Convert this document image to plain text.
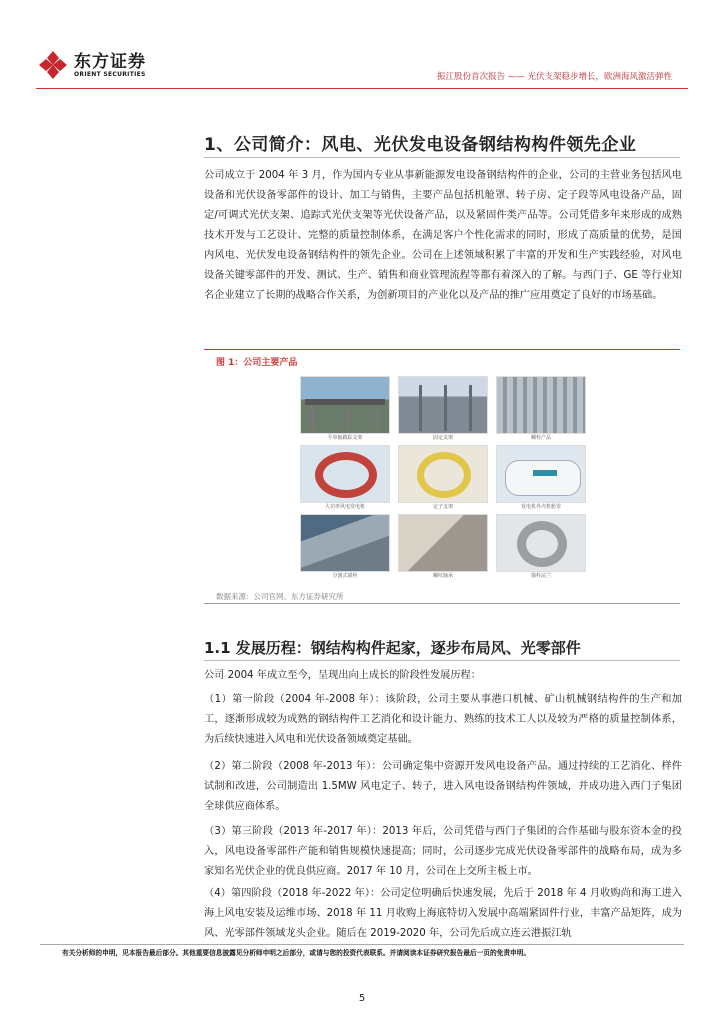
东方证券
ORIENT SECURITIES	振江股份首次报告 —— 光伏支架稳步增长，欧洲海风激活弹性
1、公司简介：风电、光伏发电设备钢结构构件领先企业

公司成立于 2004 年 3 月，作为国内专业从事新能源发电设备钢结构件的企业，公司的主营业务包括风电设备和光伏设备零部件的设计、加工与销售，主要产品包括机舱罩、转子房、定子段等风电设备产品，固定/可调式光伏支架、追踪式光伏支架等光伏设备产品，以及紧固件类产品等。公司凭借多年来形成的成熟技术开发与工艺设计、完整的质量控制体系，在满足客户个性化需求的同时，形成了高质量的优势，是国内风电、光伏发电设备钢结构件的领先企业。公司在上述领域积累了丰富的开发和生产实践经验，对风电设备关键零部件的开发、测试、生产、销售和商业管理流程等都有着深入的了解。与西门子、GE 等行业知名企业建立了长期的战略合作关系，为创新项目的产业化以及产品的推广应用奠定了良好的市场基础。

图 1：公司主要产品
平单轴跟踪支架	固定支架	螺栓产品
大功率风电发电机	定子支架	发电机外壳机舱罩
分割式锚栓	螺纹轴承	锚栓法兰
数据来源：公司官网、东方证券研究所
1.1 发展历程：钢结构构件起家，逐步布局风、光零部件

公司 2004 年成立至今，呈现出向上成长的阶段性发展历程：

（1）第一阶段（2004 年-2008 年）：该阶段，公司主要从事港口机械、矿山机械钢结构件的生产和加工，逐渐形成较为成熟的钢结构件工艺消化和设计能力、熟练的技术工人以及较为严格的质量控制体系，为后续快速进入风电和光伏设备领域奠定基础。

（2）第二阶段（2008 年-2013 年）：公司确定集中资源开发风电设备产品。通过持续的工艺消化、样件试制和改进，公司制造出 1.5MW 风电定子、转子，进入风电设备钢结构件领域，并成功进入西门子集团全球供应商体系。

（3）第三阶段（2013 年-2017 年）：2013 年后，公司凭借与西门子集团的合作基础与股东资本金的投入，风电设备零部件产能和销售规模快速提高；同时，公司逐步完成光伏设备零部件的战略布局，成为多家知名光伏企业的优良供应商。2017 年 10 月，公司在上交所主板上市。

（4）第四阶段（2018 年-2022 年）：公司定位明确后快速发展，先后于 2018 年 4 月收购尚和海工进入海上风电安装及运维市场、2018 年 11 月收购上海底特切入发展中高端紧固件行业，丰富产品矩阵，成为风、光零部件领域龙头企业。随后在 2019-2020 年，公司先后成立连云港振江轨

有关分析师的申明，见本报告最后部分。其他重要信息披露见分析师申明之后部分，或请与您的投资代表联系。并请阅读本证券研究报告最后一页的免责申明。
5
